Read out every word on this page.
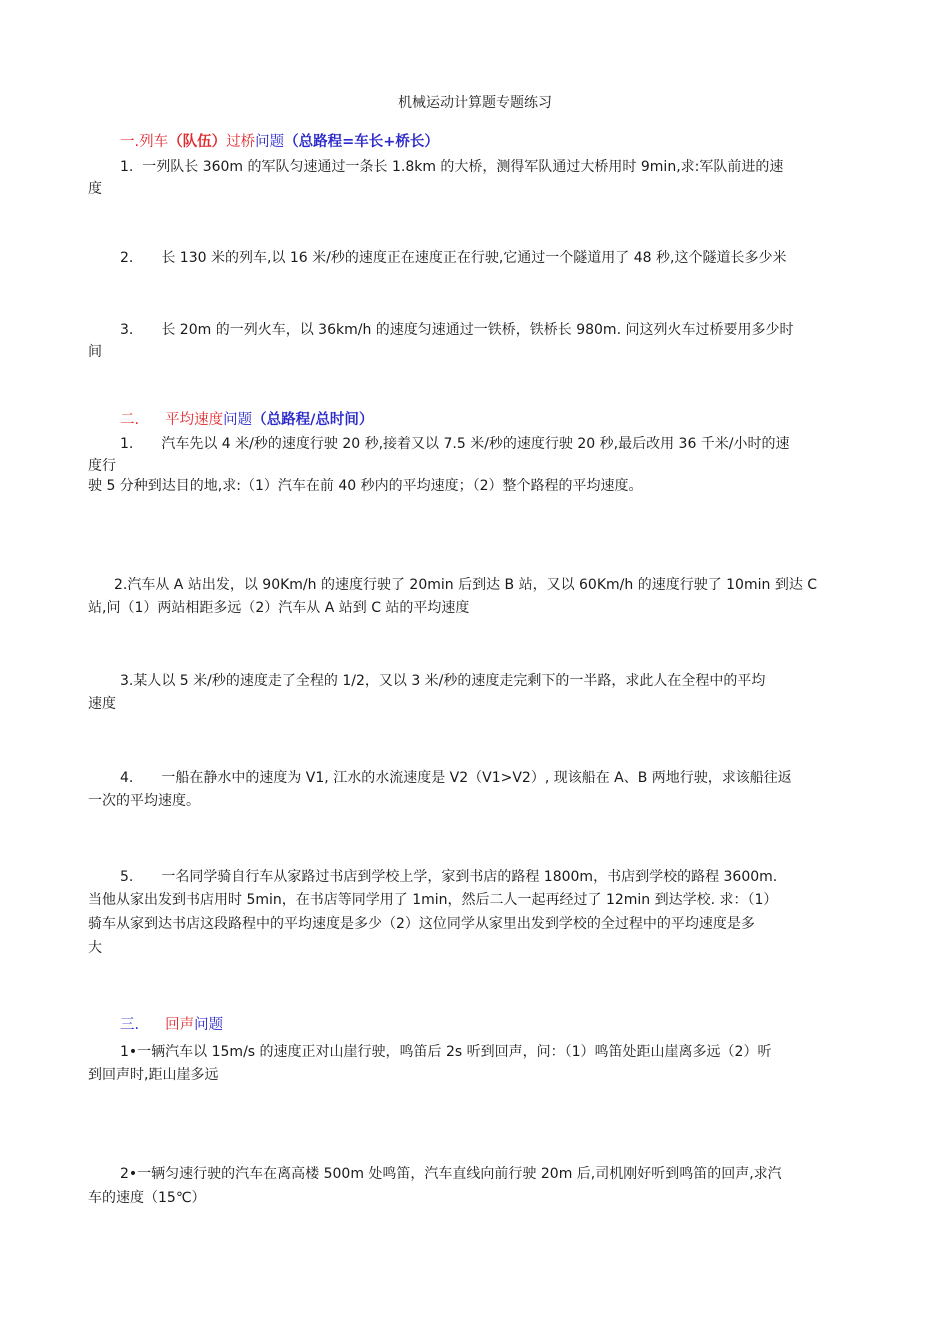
机械运动计算题专题练习
一.列车（队伍）过桥问题（总路程=车长+桥长）
1. 一列队长 360m 的军队匀速通过一条长 1.8km 的大桥，测得军队通过大桥用时 9min,求:军队前进的速
度
2. 长 130 米的列车,以 16 米/秒的速度正在速度正在行驶,它通过一个隧道用了 48 秒,这个隧道长多少米
3. 长 20m 的一列火车，以 36km/h 的速度匀速通过一铁桥，铁桥长 980m. 问这列火车过桥要用多少时
间
二. 平均速度问题（总路程/总时间）
1. 汽车先以 4 米/秒的速度行驶 20 秒,接着又以 7.5 米/秒的速度行驶 20 秒,最后改用 36 千米/小时的速
度行
驶 5 分种到达目的地,求:（1）汽车在前 40 秒内的平均速度；（2）整个路程的平均速度。
2.汽车从 A 站出发，以 90Km/h 的速度行驶了 20min 后到达 B 站，又以 60Km/h 的速度行驶了 10min 到达 C
站,问（1）两站相距多远（2）汽车从 A 站到 C 站的平均速度
3.某人以 5 米/秒的速度走了全程的 1/2，又以 3 米/秒的速度走完剩下的一半路，求此人在全程中的平均
速度
4. 一船在静水中的速度为 V1, 江水的水流速度是 V2（V1>V2）, 现该船在 A、B 两地行驶，求该船往返
一次的平均速度。
5. 一名同学骑自行车从家路过书店到学校上学，家到书店的路程 1800m，书店到学校的路程 3600m.
当他从家出发到书店用时 5min，在书店等同学用了 1min，然后二人一起再经过了 12min 到达学校. 求：（1）
骑车从家到达书店这段路程中的平均速度是多少（2）这位同学从家里出发到学校的全过程中的平均速度是多
大
三. 回声问题
1•一辆汽车以 15m/s 的速度正对山崖行驶，鸣笛后 2s 听到回声，问：（1）鸣笛处距山崖离多远（2）听
到回声时,距山崖多远
2•一辆匀速行驶的汽车在离高楼 500m 处鸣笛，汽车直线向前行驶 20m 后,司机刚好听到鸣笛的回声,求汽
车的速度（15℃）
